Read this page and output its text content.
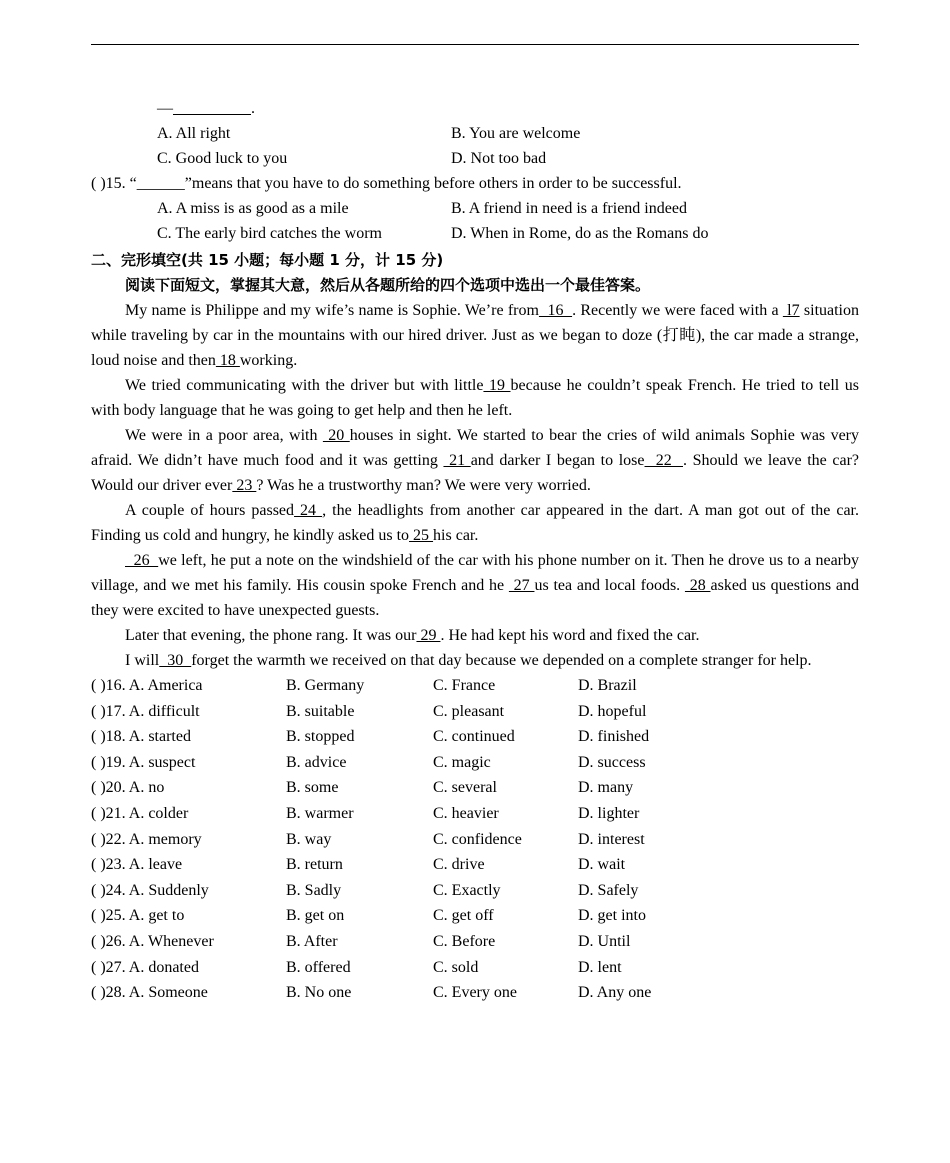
—	.
A. All right	B. You are welcome
C. Good luck to you	D. Not too bad
( )15. “______”means that you have to do something before others in order to be successful.
A. A miss is as good as a mile	B. A friend in need is a friend indeed
C. The early bird catches the worm	D. When in Rome, do as the Romans do
二、完形填空(共 15 小题；每小题 1 分，计 15 分)
阅读下面短文，掌握其大意，然后从各题所给的四个选项中选出一个最佳答案。

My name is Philippe and my wife’s name is Sophie. We’re from  16  . Recently we were faced with a  l7 situation while traveling by car in the mountains with our hired driver. Just as we began to doze (打盹), the car made a strange, loud noise and then 18 working.

We tried communicating with the driver but with little 19 because he couldn’t speak French. He tried to tell us with body language that he was going to get help and then he left.

We were in a poor area, with  20 houses in sight. We started to bear the cries of wild animals Sophie was very afraid. We didn’t have much food and it was getting  21 and darker I began to lose  22  . Should we leave the car? Would our driver ever 23 ? Was he a trustworthy man? We were very worried.

A couple of hours passed 24 , the headlights from another car appeared in the dart. A man got out of the car. Finding us cold and hungry, he kindly asked us to 25 his car.

26  we left, he put a note on the windshield of the car with his phone number on it. Then he drove us to a nearby village, and we met his family. His cousin spoke French and he  27 us tea and local foods.  28 asked us questions and they were excited to have unexpected guests.

Later that evening, the phone rang. It was our 29 . He had kept his word and fixed the car.

I will  30  forget the warmth we received on that day because we depended on a complete stranger for help.

( )16. A. America	B. Germany	C. France	D. Brazil
( )17. A. difficult	B. suitable	C. pleasant	D. hopeful
( )18. A. started	B. stopped	C. continued	D. finished
( )19. A. suspect	B. advice	C. magic	D. success
( )20. A. no	B. some	C. several	D. many
( )21. A. colder	B. warmer	C. heavier	D. lighter
( )22. A. memory	B. way	C. confidence	D. interest
( )23. A. leave	B. return	C. drive	D. wait
( )24. A. Suddenly	B. Sadly	C. Exactly	D. Safely
( )25. A. get to	B. get on	C. get off	D. get into
( )26. A. Whenever	B. After	C. Before	D. Until
( )27. A. donated	B. offered	C. sold	D. lent
( )28. A. Someone	B. No one	C. Every one	D. Any one
